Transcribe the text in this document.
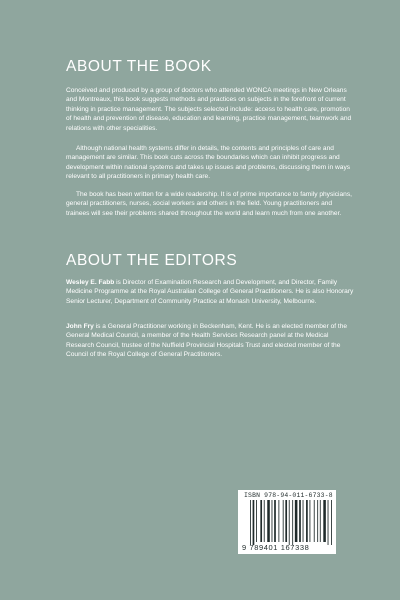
ABOUT THE BOOK

Conceived and produced by a group of doctors who attended WONCA meetings in New Orleans and Montreaux, this book suggests methods and practices on subjects in the forefront of current thinking in practice management. The subjects selected include: access to health care, promotion of health and prevention of disease, education and learning, practice management, teamwork and relations with other specialities.

Although national health systems differ in details, the contents and principles of care and management are similar. This book cuts across the boundaries which can inhibit progress and development within national systems and takes up issues and problems, discussing them in ways relevant to all practitioners in primary health care.

The book has been written for a wide readership. It is of prime importance to family physicians, general practitioners, nurses, social workers and others in the field. Young practitioners and trainees will see their problems shared throughout the world and learn much from one another.

ABOUT THE EDITORS

Wesley E. Fabb is Director of Examination Research and Development, and Director, Family Medicine Programme at the Royal Australian College of General Practitioners. He is also Honorary Senior Lecturer, Department of Community Practice at Monash University, Melbourne.

John Fry is a General Practitioner working in Beckenham, Kent. He is an elected member of the General Medical Council, a member of the Health Services Research panel at the Medical Research Council, trustee of the Nuffield Provincial Hospitals Trust and elected member of the Council of the Royal College of General Practitioners.

ISBN 978-94-011-6733-8
9 789401 167338
